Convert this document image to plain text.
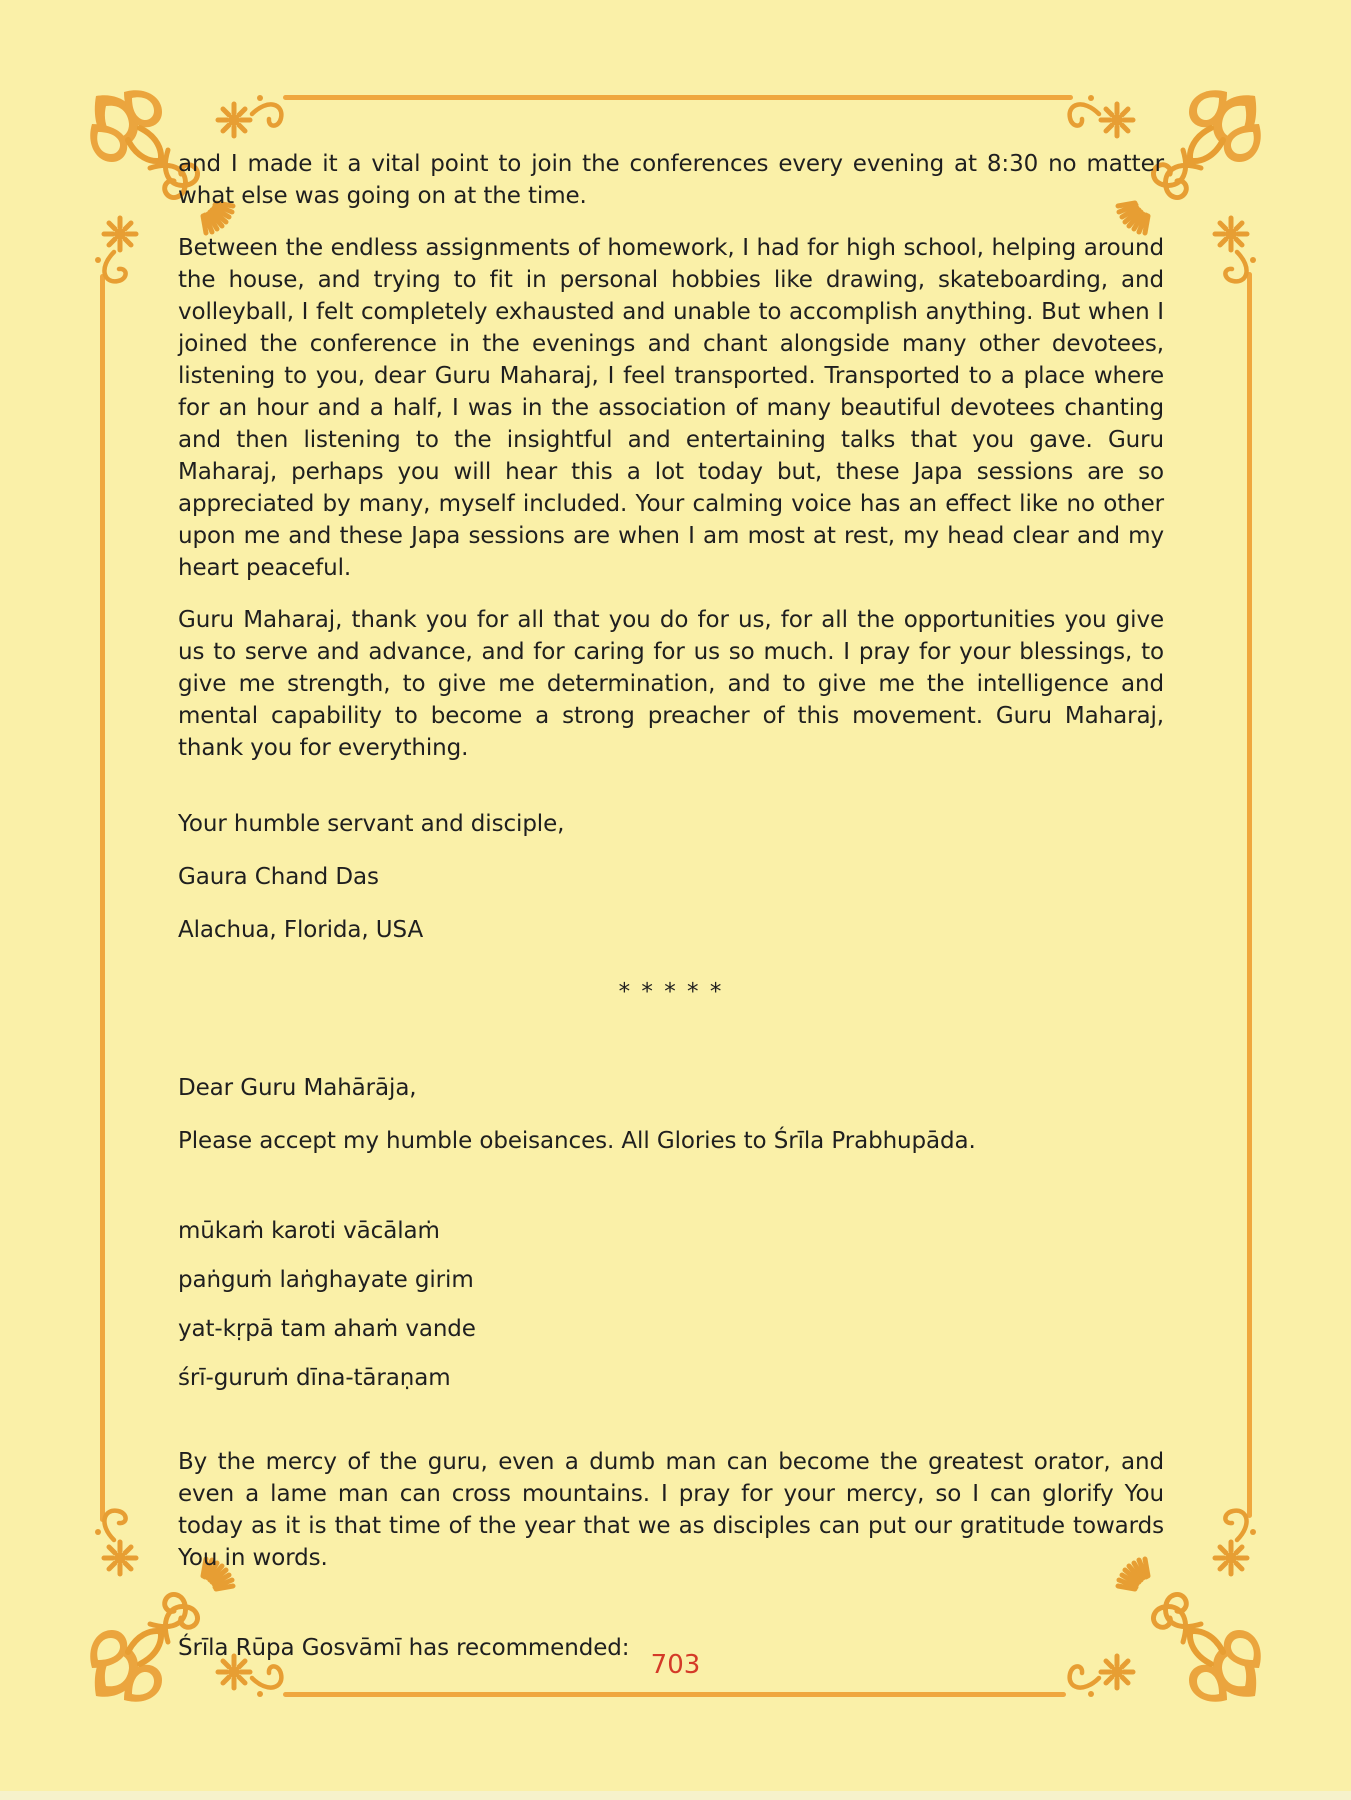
and I made it a vital point to join the conferences every evening at 8:30 no matter what else was going on at the time.

Between the endless assignments of homework, I had for high school, helping around the house, and trying to fit in personal hobbies like drawing, skateboarding, and volleyball, I felt completely exhausted and unable to accomplish anything. But when I joined the conference in the evenings and chant alongside many other devotees, listening to you, dear Guru Maharaj, I feel transported. Transported to a place where for an hour and a half, I was in the association of many beautiful devotees chanting and then listening to the insightful and entertaining talks that you gave. Guru Maharaj, perhaps you will hear this a lot today but, these Japa sessions are so appreciated by many, myself included. Your calming voice has an effect like no other upon me and these Japa sessions are when I am most at rest, my head clear and my heart peaceful.

Guru Maharaj, thank you for all that you do for us, for all the opportunities you give us to serve and advance, and for caring for us so much. I pray for your blessings, to give me strength, to give me determination, and to give me the intelligence and mental capability to become a strong preacher of this movement. Guru Maharaj, thank you for everything.

Your humble servant and disciple,

Gaura Chand Das

Alachua, Florida, USA

* * * * *

Dear Guru Mahārāja,

Please accept my humble obeisances. All Glories to Śrīla Prabhupāda.

mūkaṁ karoti vācālaṁ

paṅguṁ laṅghayate girim

yat-kṛpā tam ahaṁ vande

śrī-guruṁ dīna-tāraṇam

By the mercy of the guru, even a dumb man can become the greatest orator, and even a lame man can cross mountains. I pray for your mercy, so I can glorify You today as it is that time of the year that we as disciples can put our gratitude towards You in words.

Śrīla Rūpa Gosvāmī has recommended:

703
